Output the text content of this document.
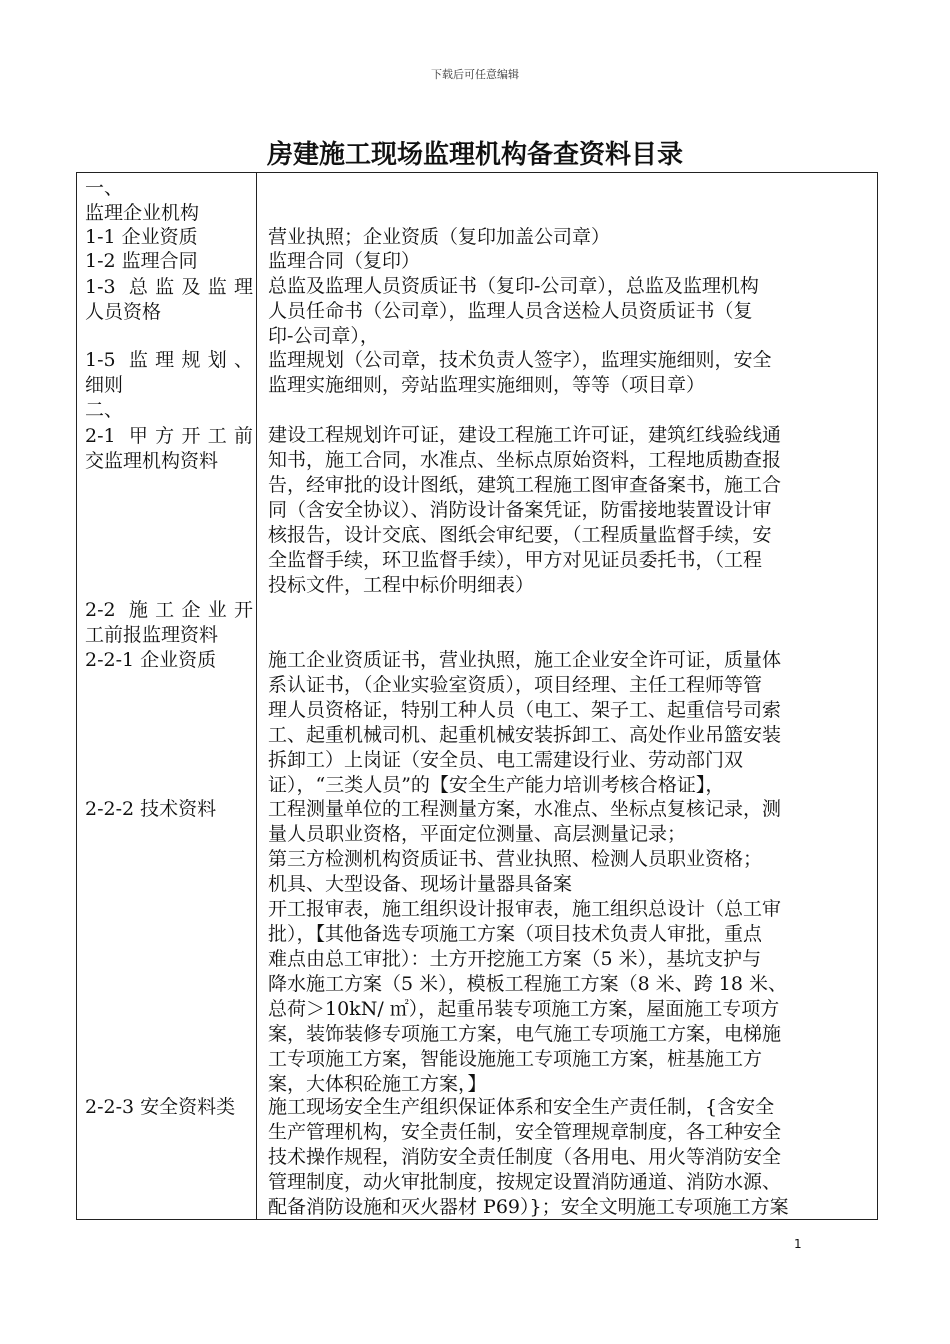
下载后可任意编辑
房建施工现场监理机构备查资料目录
一、
监理企业机构
1-1 企业资质
1-2 监理合同
1-3 总监及监理
人员资格
1-5 监理规划、
细则
二、
2-1 甲方开工前
交监理机构资料
2-2 施工企业开
工前报监理资料
2-2-1 企业资质
2-2-2 技术资料
2-2-3 安全资料类
营业执照；企业资质（复印加盖公司章）
监理合同（复印）
总监及监理人员资质证书（复印-公司章），总监及监理机构
人员任命书（公司章），监理人员含送检人员资质证书（复
印-公司章），
监理规划（公司章，技术负责人签字），监理实施细则，安全
监理实施细则，旁站监理实施细则，等等（项目章）
建设工程规划许可证，建设工程施工许可证，建筑红线验线通
知书，施工合同，水准点、坐标点原始资料，工程地质勘查报
告，经审批的设计图纸，建筑工程施工图审查备案书，施工合
同（含安全协议）、消防设计备案凭证，防雷接地装置设计审
核报告，设计交底、图纸会审纪要，（工程质量监督手续，安
全监督手续，环卫监督手续），甲方对见证员委托书，（工程
投标文件，工程中标价明细表）
施工企业资质证书，营业执照，施工企业安全许可证，质量体
系认证书，（企业实验室资质），项目经理、主任工程师等管
理人员资格证，特别工种人员（电工、架子工、起重信号司索
工、起重机械司机、起重机械安装拆卸工、高处作业吊篮安装
拆卸工）上岗证（安全员、电工需建设行业、劳动部门双
证），“三类人员”的【安全生产能力培训考核合格证】，
工程测量单位的工程测量方案，水准点、坐标点复核记录，测
量人员职业资格，平面定位测量、高层测量记录；
第三方检测机构资质证书、营业执照、检测人员职业资格；
机具、大型设备、现场计量器具备案
开工报审表，施工组织设计报审表，施工组织总设计（总工审
批），【其他备选专项施工方案（项目技术负责人审批，重点
难点由总工审批）：土方开挖施工方案（5 米），基坑支护与
降水施工方案（5 米），模板工程施工方案（8 米、跨 18 米、
总荷＞10kN/ ㎡），起重吊装专项施工方案，屋面施工专项方
案，装饰装修专项施工方案，电气施工专项施工方案，电梯施
工专项施工方案，智能设施施工专项施工方案，桩基施工方
案，大体积砼施工方案，】
施工现场安全生产组织保证体系和安全生产责任制，{含安全
生产管理机构，安全责任制，安全管理规章制度，各工种安全
技术操作规程，消防安全责任制度（各用电、用火等消防安全
管理制度，动火审批制度，按规定设置消防通道、消防水源、
配备消防设施和灭火器材 P69）}；安全文明施工专项施工方案
1
